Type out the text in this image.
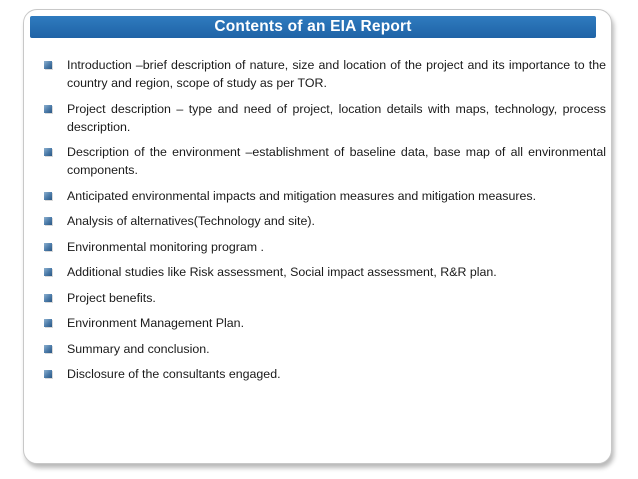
Contents of an EIA Report
Introduction –brief description of nature, size and location of the project and its importance to the country and region, scope of study as per TOR.
Project description – type and need of project, location details with maps, technology, process description.
Description of the environment –establishment of baseline data, base map of all environmental components.
Anticipated environmental impacts and mitigation measures and mitigation measures.
Analysis of alternatives(Technology and site).
Environmental monitoring program .
Additional studies like Risk assessment, Social impact assessment, R&R plan.
Project benefits.
Environment Management Plan.
Summary and conclusion.
Disclosure of the consultants engaged.
